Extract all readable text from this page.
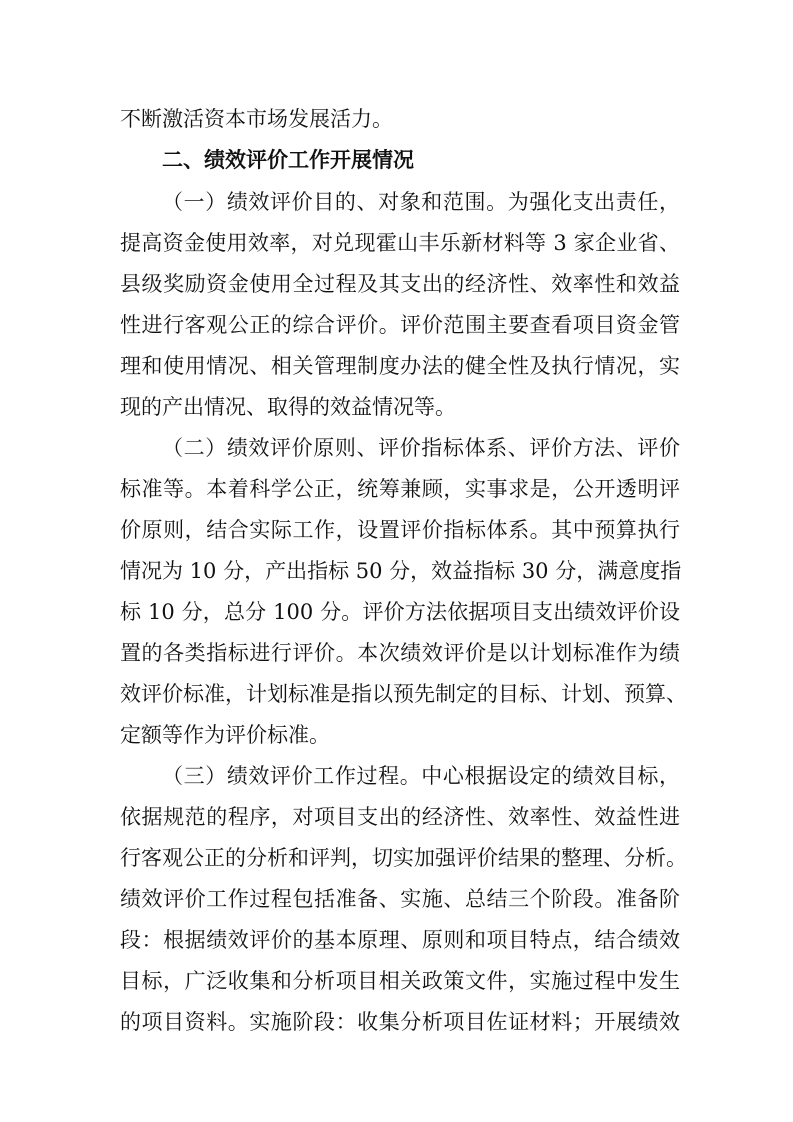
不断激活资本市场发展活力。
二、绩效评价工作开展情况
（一）绩效评价目的、对象和范围。为强化支出责任，
提高资金使用效率，对兑现霍山丰乐新材料等 3 家企业省、
县级奖励资金使用全过程及其支出的经济性、效率性和效益
性进行客观公正的综合评价。评价范围主要查看项目资金管
理和使用情况、相关管理制度办法的健全性及执行情况，实
现的产出情况、取得的效益情况等。
（二）绩效评价原则、评价指标体系、评价方法、评价
标准等。本着科学公正，统筹兼顾，实事求是，公开透明评
价原则，结合实际工作，设置评价指标体系。其中预算执行
情况为 10 分，产出指标 50 分，效益指标 30 分，满意度指
标 10 分，总分 100 分。评价方法依据项目支出绩效评价设
置的各类指标进行评价。本次绩效评价是以计划标准作为绩
效评价标准，计划标准是指以预先制定的目标、计划、预算、
定额等作为评价标准。
（三）绩效评价工作过程。中心根据设定的绩效目标，
依据规范的程序，对项目支出的经济性、效率性、效益性进
行客观公正的分析和评判，切实加强评价结果的整理、分析。
绩效评价工作过程包括准备、实施、总结三个阶段。准备阶
段：根据绩效评价的基本原理、原则和项目特点，结合绩效
目标，广泛收集和分析项目相关政策文件，实施过程中发生
的项目资料。实施阶段：收集分析项目佐证材料；开展绩效
